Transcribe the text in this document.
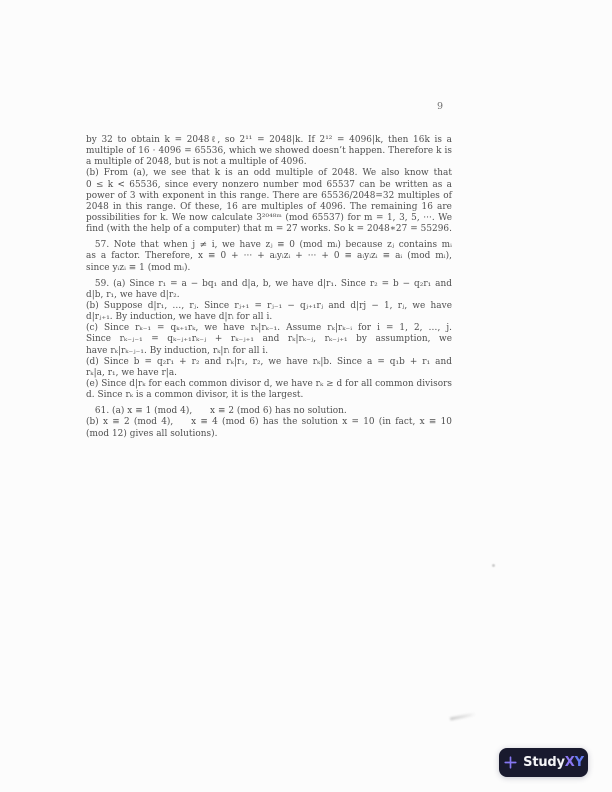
9
by 32 to obtain k = 2048ℓ, so 2¹¹ = 2048|k. If 2¹² = 4096|k, then 16k is a
multiple of 16 · 4096 = 65536, which we showed doesn’t happen. Therefore k is
a multiple of 2048, but is not a multiple of 4096.
(b) From (a), we see that k is an odd multiple of 2048. We also know that
0 ≤ k < 65536, since every nonzero number mod 65537 can be written as a
power of 3 with exponent in this range. There are 65536/2048=32 multiples of
2048 in this range. Of these, 16 are multiples of 4096. The remaining 16 are
possibilities for k. We now calculate 3²⁰⁴⁸ᵐ (mod 65537) for m = 1, 3, 5, ···. We
find (with the help of a computer) that m = 27 works. So k = 2048∗27 = 55296.
 57. Note that when j ≠ i, we have zⱼ ≡ 0 (mod mᵢ) because zⱼ contains mᵢ
as a factor. Therefore, x ≡ 0 + ··· + aᵢyᵢzᵢ + ··· + 0 ≡ aᵢyᵢzᵢ ≡ aᵢ (mod mᵢ),
since yᵢzᵢ ≡ 1 (mod mᵢ).
 59. (a) Since r₁ = a − bq₁ and d|a, b, we have d|r₁. Since r₂ = b − q₂r₁ and
d|b, r₁, we have d|r₂.
(b) Suppose d|r₁, …, rⱼ. Since rⱼ₊₁ = rⱼ₋₁ − qⱼ₊₁rⱼ and d|rj − 1, rⱼ, we have
d|rⱼ₊₁. By induction, we have d|rᵢ for all i.
(c) Since rₖ₋₁ = qₖ₊₁rₖ, we have rₖ|rₖ₋₁. Assume rₖ|rₖ₋ᵢ for i = 1, 2, …, j.
Since rₖ₋ⱼ₋₁ = qₖ₋ⱼ₊₁rₖ₋ⱼ + rₖ₋ⱼ₊₁ and rₖ|rₖ₋ⱼ, rₖ₋ⱼ₊₁ by assumption, we
have rₖ|rₖ₋ⱼ₋₁. By induction, rₖ|rᵢ for all i.
(d) Since b = q₂r₁ + r₂ and rₖ|r₁, r₂, we have rₖ|b. Since a = q₁b + r₁ and
rₖ|a, r₁, we have r|a.
(e) Since d|rₖ for each common divisor d, we have rₖ ≥ d for all common divisors
d. Since rₖ is a common divisor, it is the largest.
 61. (a) x ≡ 1 (mod 4),  x ≡ 2 (mod 6) has no solution.
(b) x ≡ 2 (mod 4),  x ≡ 4 (mod 6) has the solution x = 10 (in fact, x ≡ 10
(mod 12) gives all solutions).
Study X Y
